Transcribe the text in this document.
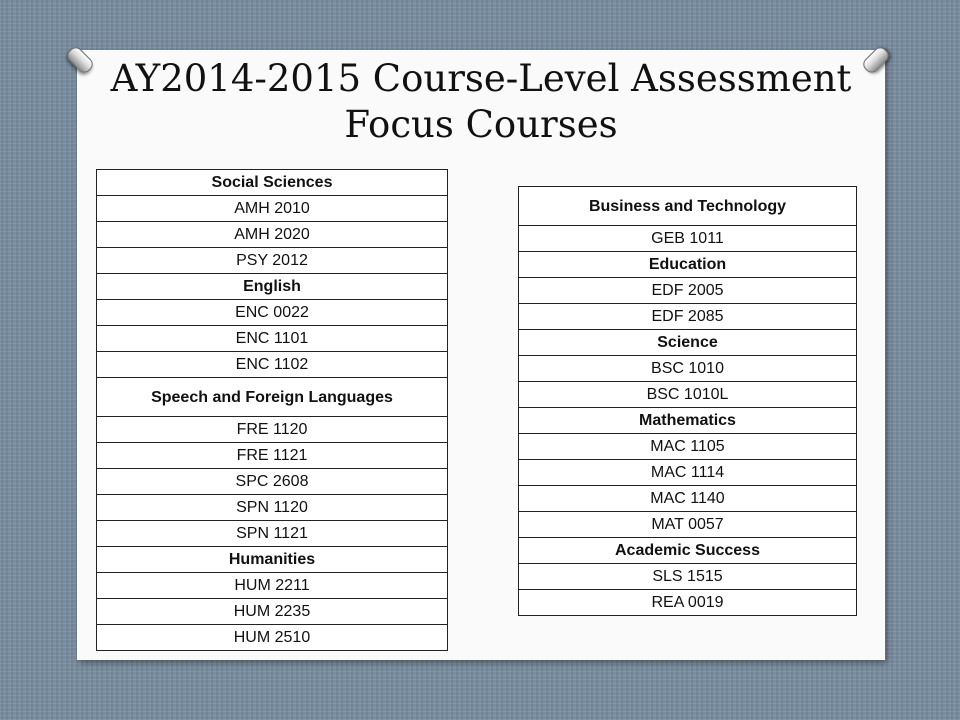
AY2014-2015 Course-Level Assessment
Focus Courses
Social Sciences
AMH 2010
AMH 2020
PSY 2012
English
ENC 0022
ENC 1101
ENC 1102
Speech and Foreign Languages
FRE 1120
FRE 1121
SPC 2608
SPN 1120
SPN 1121
Humanities
HUM 2211
HUM 2235
HUM 2510
Business and Technology
GEB 1011
Education
EDF 2005
EDF 2085
Science
BSC 1010
BSC 1010L
Mathematics
MAC 1105
MAC 1114
MAC 1140
MAT 0057
Academic Success
SLS 1515
REA 0019
